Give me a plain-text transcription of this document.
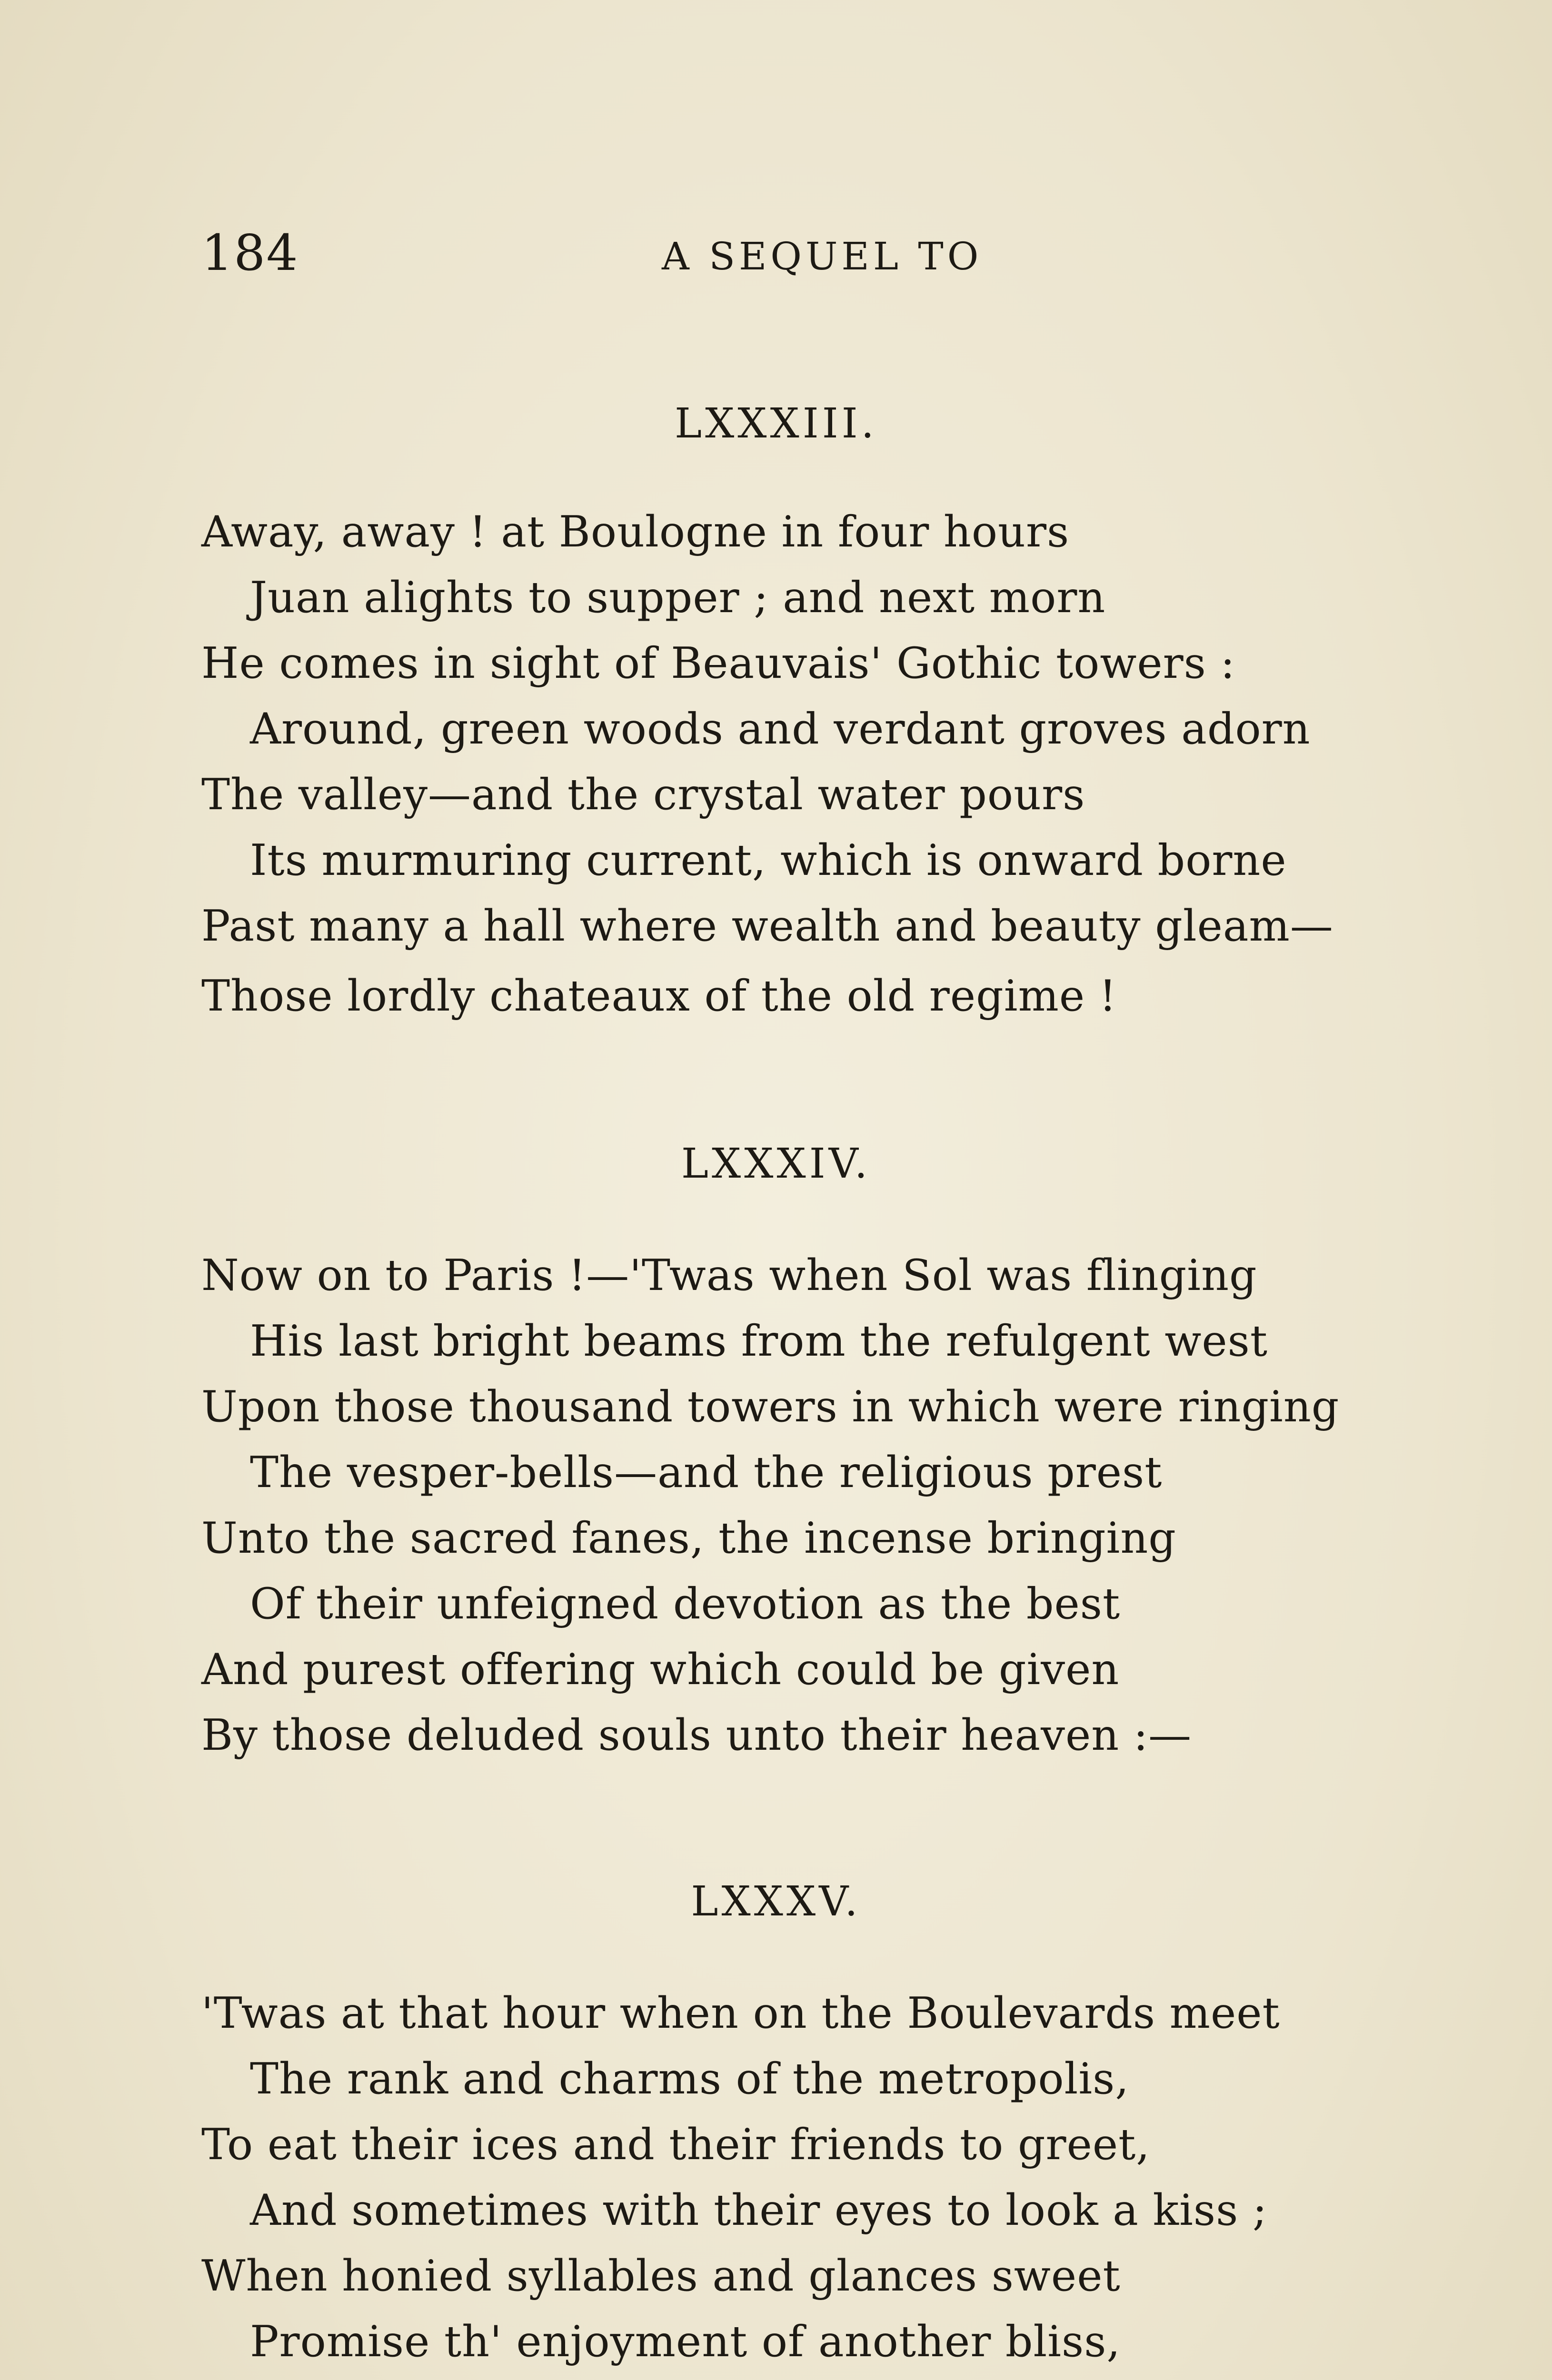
184	A SEQUEL TO
LXXXIII.
Away, away ! at Boulogne in four hours
Juan alights to supper ; and next morn
He comes in sight of Beauvais' Gothic towers :
Around, green woods and verdant groves adorn
The valley—and the crystal water pours
Its murmuring current, which is onward borne
Past many a hall where wealth and beauty gleam—
Those lordly chateaux of the old regime !
LXXXIV.
Now on to Paris !—'Twas when Sol was flinging
His last bright beams from the refulgent west
Upon those thousand towers in which were ringing
The vesper-bells—and the religious prest
Unto the sacred fanes, the incense bringing
Of their unfeigned devotion as the best
And purest offering which could be given
By those deluded souls unto their heaven :—
LXXXV.
'Twas at that hour when on the Boulevards meet
The rank and charms of the metropolis,
To eat their ices and their friends to greet,
And sometimes with their eyes to look a kiss ;
When honied syllables and glances sweet
Promise th' enjoyment of another bliss,
